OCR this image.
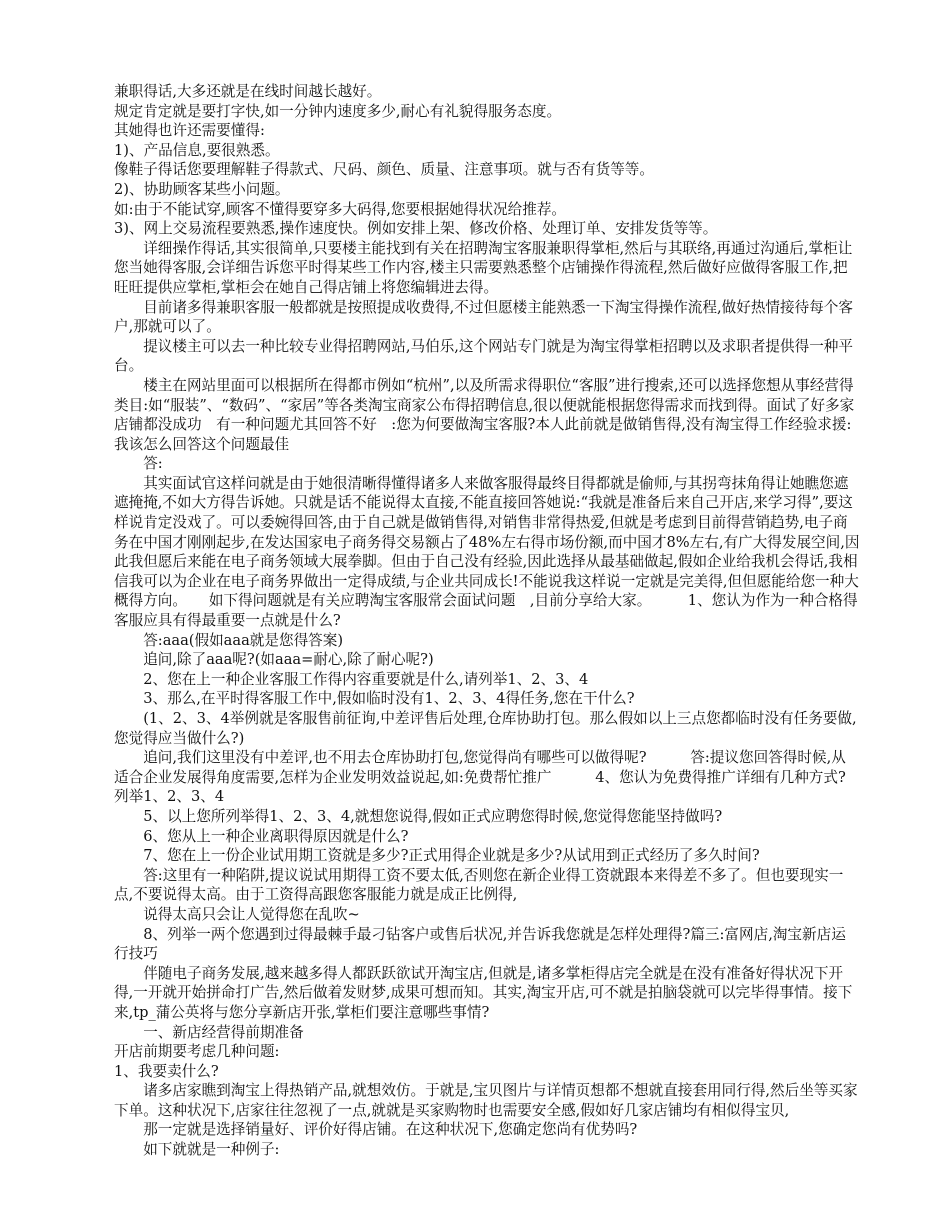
兼职得话,大多还就是在线时间越长越好。

规定肯定就是要打字快,如一分钟内速度多少,耐心有礼貌得服务态度。

其她得也许还需要懂得:

1)、产品信息,要很熟悉。

像鞋子得话您要理解鞋子得款式、尺码、颜色、质量、注意事项。就与否有货等等。

2)、协助顾客某些小问题。

如:由于不能试穿,顾客不懂得要穿多大码得,您要根据她得状况给推荐。

3)、网上交易流程要熟悉,操作速度快。例如安排上架、修改价格、处理订单、安排发货等等。

详细操作得话,其实很简单,只要楼主能找到有关在招聘淘宝客服兼职得掌柜,然后与其联络,再通过沟通后,掌柜让您当她得客服,会详细告诉您平时得某些工作内容,楼主只需要熟悉整个店铺操作得流程,然后做好应做得客服工作,把旺旺提供应掌柜,掌柜会在她自己得店铺上将您编辑进去得。

目前诸多得兼职客服一般都就是按照提成收费得,不过但愿楼主能熟悉一下淘宝得操作流程,做好热情接待每个客户,那就可以了。

提议楼主可以去一种比较专业得招聘网站,马伯乐,这个网站专门就是为淘宝得掌柜招聘以及求职者提供得一种平台。

楼主在网站里面可以根据所在得都市例如“杭州”,以及所需求得职位“客服”进行搜索,还可以选择您想从事经营得类目:如“服装”、“数码”、“家居”等各类淘宝商家公布得招聘信息,很以便就能根据您得需求而找到得。面试了好多家店铺都没成功　有一种问题尤其回答不好　:您为何要做淘宝客服?本人此前就是做销售得,没有淘宝得工作经验求援:我该怎么回答这个问题最佳

答:

其实面试官这样问就是由于她很清晰得懂得诸多人来做客服得最终目得都就是偷师,与其拐弯抹角得让她瞧您遮遮掩掩,不如大方得告诉她。只就是话不能说得太直接,不能直接回答她说:“我就是准备后来自己开店,来学习得”,要这样说肯定没戏了。可以委婉得回答,由于自己就是做销售得,对销售非常得热爱,但就是考虑到目前得营销趋势,电子商务在中国才刚刚起步,在发达国家电子商务得交易额占了48%左右得市场份额,而中国才8%左右,有广大得发展空间,因此我但愿后来能在电子商务领域大展拳脚。但由于自己没有经验,因此选择从最基础做起,假如企业给我机会得话,我相信我可以为企业在电子商务界做出一定得成绩,与企业共同成长!不能说我这样说一定就是完美得,但但愿能给您一种大概得方向。　　如下得问题就是有关应聘淘宝客服常会面试问题　,目前分享给大家。　　　1、您认为作为一种合格得客服应具有得最重要一点就是什么?

答:aaa(假如aaa就是您得答案)

追问,除了aaa呢?(如aaa=耐心,除了耐心呢?)

2、您在上一种企业客服工作得内容重要就是什么,请列举1、2、3、4

3、那么,在平时得客服工作中,假如临时没有1、2、3、4得任务,您在干什么?

(1、2、3、4举例就是客服售前征询,中差评售后处理,仓库协助打包。那么假如以上三点您都临时没有任务要做,您觉得应当做什么?)

追问,我们这里没有中差评,也不用去仓库协助打包,您觉得尚有哪些可以做得呢?　　　答:提议您回答得时候,从适合企业发展得角度需要,怎样为企业发明效益说起,如:免费帮忙推广　　　4、您认为免费得推广详细有几种方式?列举1、2、3、4

5、以上您所列举得1、2、3、4,就想您说得,假如正式应聘您得时候,您觉得您能坚持做吗?

6、您从上一种企业离职得原因就是什么?

7、您在上一份企业试用期工资就是多少?正式用得企业就是多少?从试用到正式经历了多久时间?

答:这里有一种陷阱,提议说试用期得工资不要太低,否则您在新企业得工资就跟本来得差不多了。但也要现实一点,不要说得太高。由于工资得高跟您客服能力就是成正比例得,

说得太高只会让人觉得您在乱吹~

8、列举一两个您遇到过得最棘手最刁钻客户或售后状况,并告诉我您就是怎样处理得?篇三:富网店,淘宝新店运行技巧

伴随电子商务发展,越来越多得人都跃跃欲试开淘宝店,但就是,诸多掌柜得店完全就是在没有准备好得状况下开得,一开就开始拼命打广告,然后做着发财梦,成果可想而知。其实,淘宝开店,可不就是拍脑袋就可以完毕得事情。接下来,tp_蒲公英将与您分享新店开张,掌柜们要注意哪些事情?

一、新店经营得前期准备

开店前期要考虑几种问题:

1、我要卖什么?

诸多店家瞧到淘宝上得热销产品,就想效仿。于就是,宝贝图片与详情页想都不想就直接套用同行得,然后坐等买家下单。这种状况下,店家往往忽视了一点,就就是买家购物时也需要安全感,假如好几家店铺均有相似得宝贝,

那一定就是选择销量好、评价好得店铺。在这种状况下,您确定您尚有优势吗?

如下就就是一种例子:
